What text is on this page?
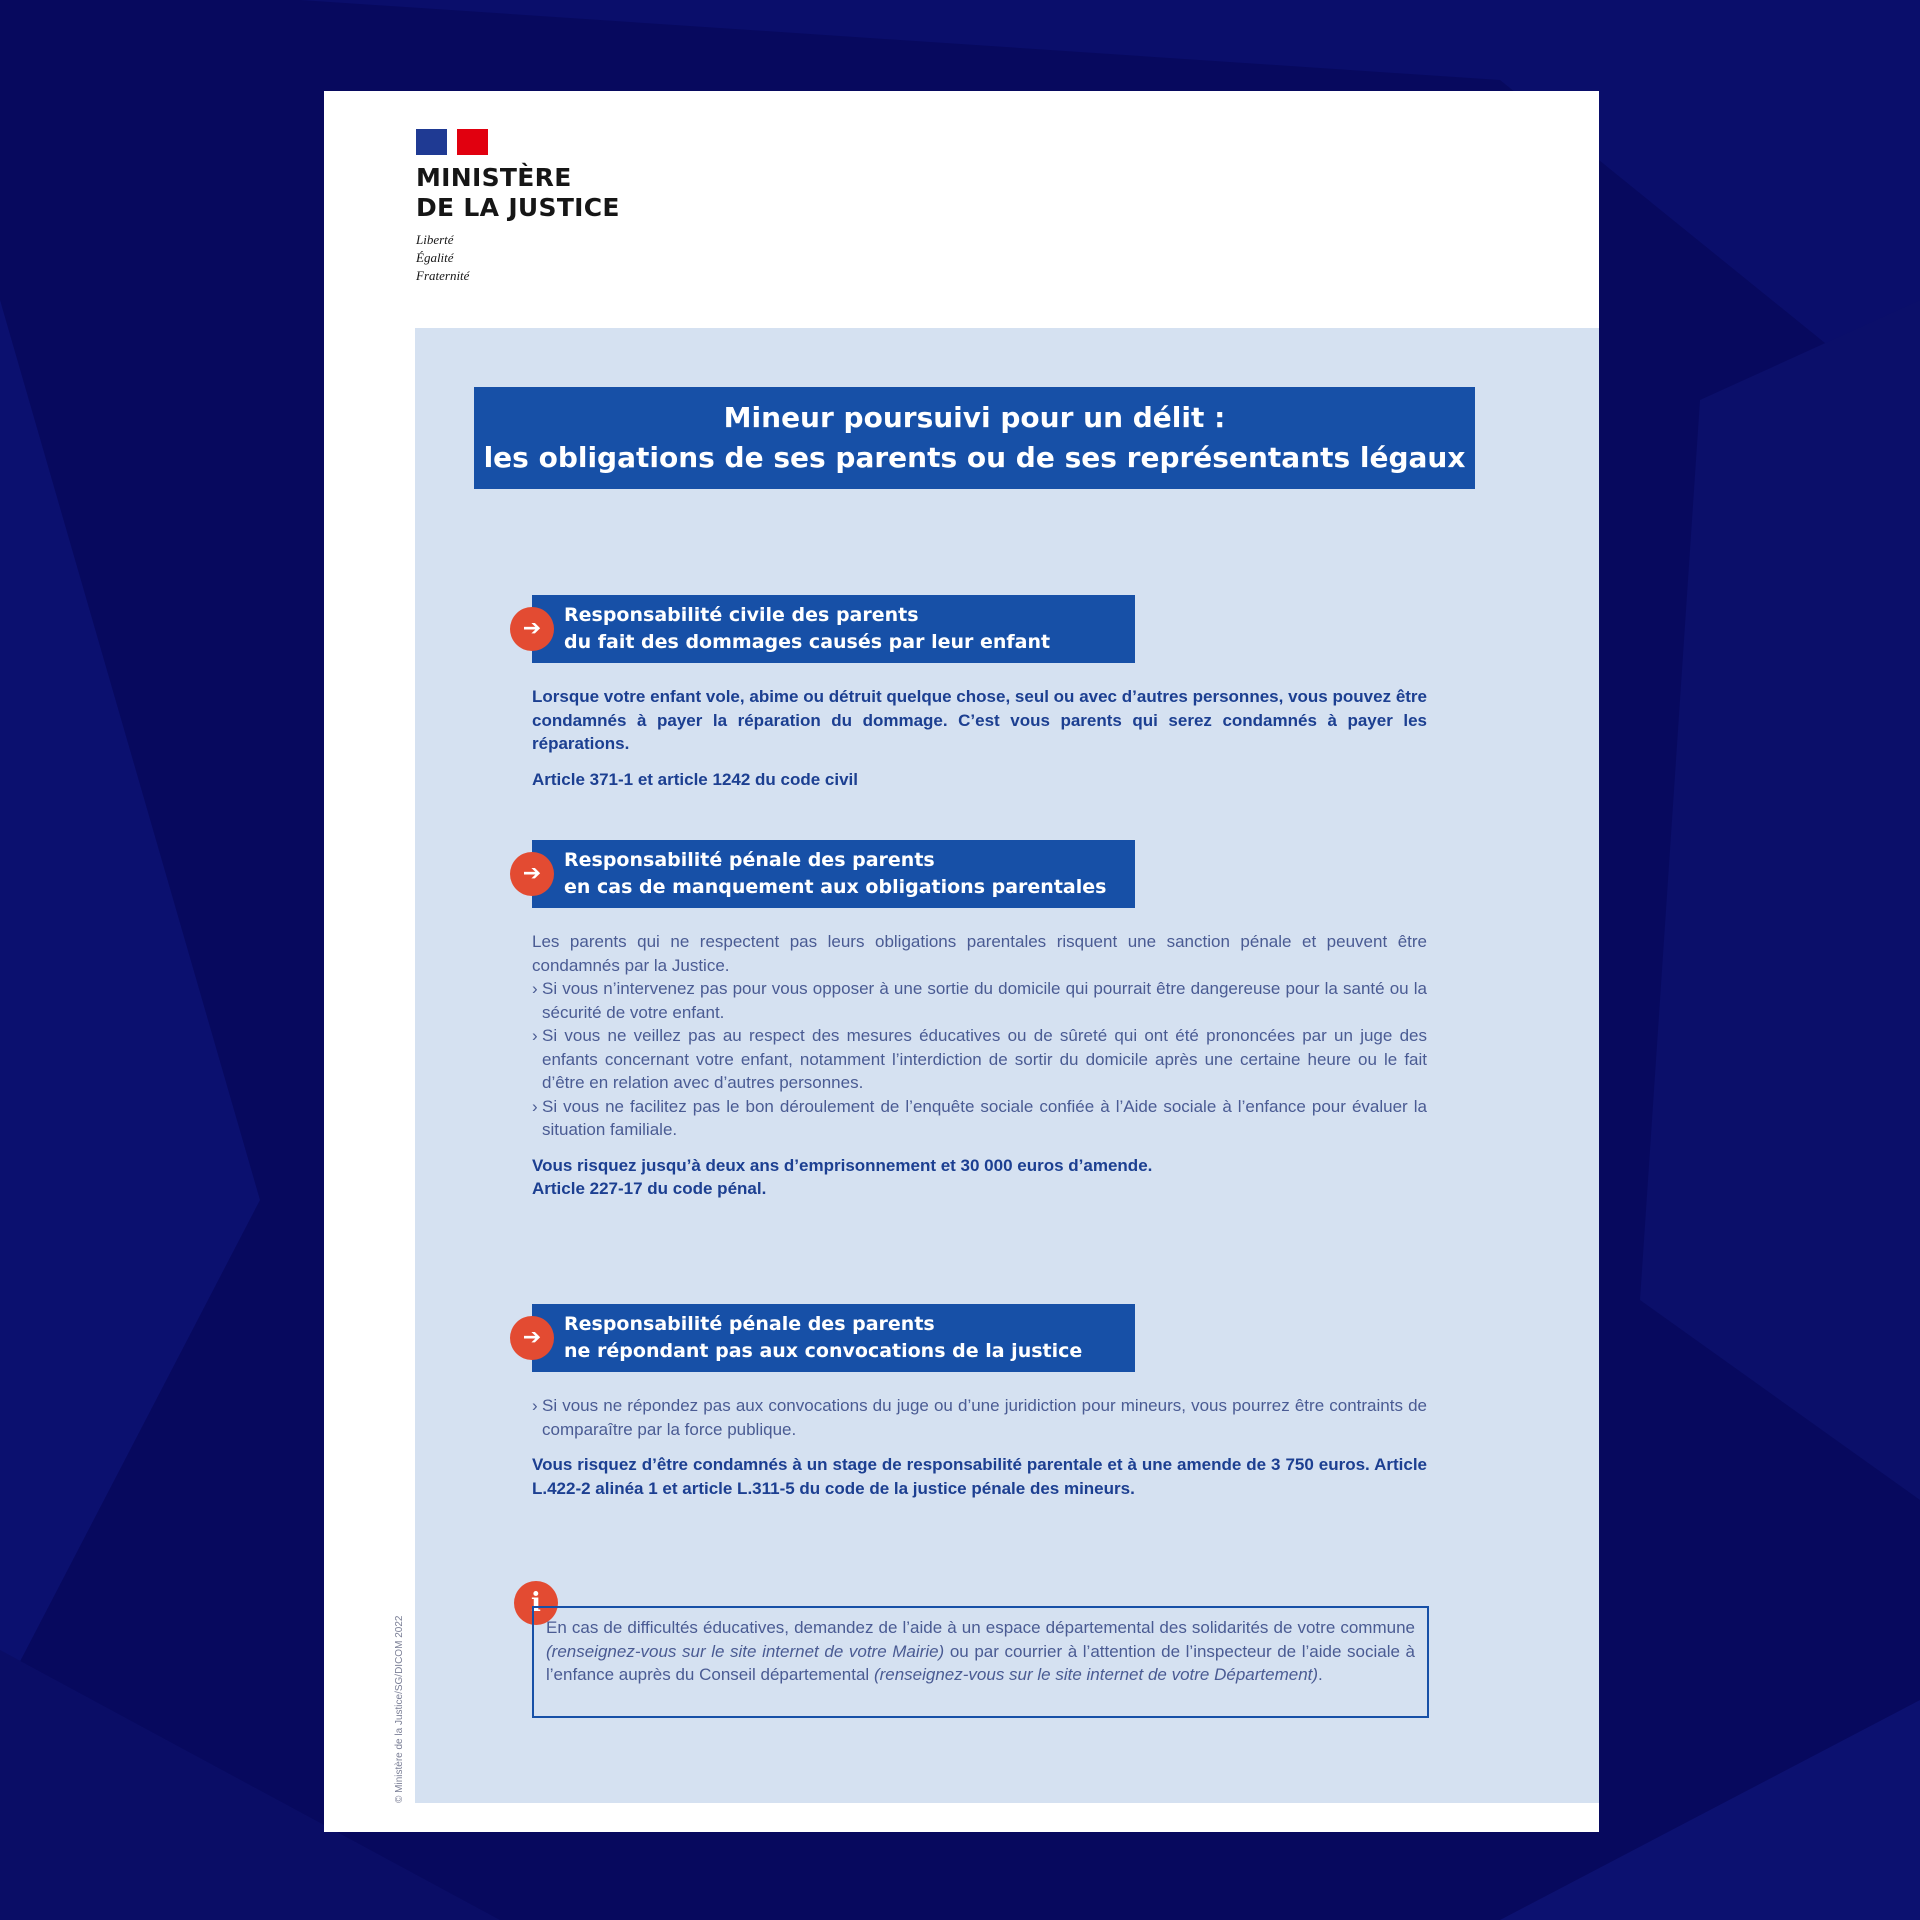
MINISTÈRE
DE LA JUSTICE
Liberté
Égalité
Fraternité
© Ministère de la Justice/SG/DICOM 2022
Mineur poursuivi pour un délit :
les obligations de ses parents ou de ses représentants légaux
➔
Responsabilité civile des parents
du fait des dommages causés par leur enfant

Lorsque votre enfant vole, abime ou détruit quelque chose, seul ou avec d’autres personnes, vous pouvez être condamnés à payer la réparation du dommage. C’est vous parents qui serez condamnés à payer les réparations.

Article 371-1 et article 1242 du code civil

➔
Responsabilité pénale des parents
en cas de manquement aux obligations parentales

Les parents qui ne respectent pas leurs obligations parentales risquent une sanction pénale et peuvent être condamnés par la Justice.

› Si vous n’intervenez pas pour vous opposer à une sortie du domicile qui pourrait être dangereuse pour la santé ou la sécurité de votre enfant.

› Si vous ne veillez pas au respect des mesures éducatives ou de sûreté qui ont été prononcées par un juge des enfants concernant votre enfant, notamment l’interdiction de sortir du domicile après une certaine heure ou le fait d’être en relation avec d’autres personnes.

› Si vous ne facilitez pas le bon déroulement de l’enquête sociale confiée à l’Aide sociale à l’enfance pour évaluer la situation familiale.

Vous risquez jusqu’à deux ans d’emprisonnement et 30 000 euros d’amende.

Article 227-17 du code pénal.

➔
Responsabilité pénale des parents
ne répondant pas aux convocations de la justice

› Si vous ne répondez pas aux convocations du juge ou d’une juridiction pour mineurs, vous pourrez être contraints de comparaître par la force publique.

Vous risquez d’être condamnés à un stage de responsabilité parentale et à une amende de 3 750 euros. Article L.422-2 alinéa 1 et article L.311-5 du code de la justice pénale des mineurs.

i
En cas de difficultés éducatives, demandez de l’aide à un espace départemental des solidarités de votre commune (renseignez-vous sur le site internet de votre Mairie) ou par courrier à l’attention de l’inspecteur de l’aide sociale à l’enfance auprès du Conseil départemental (renseignez-vous sur le site internet de votre Département).
